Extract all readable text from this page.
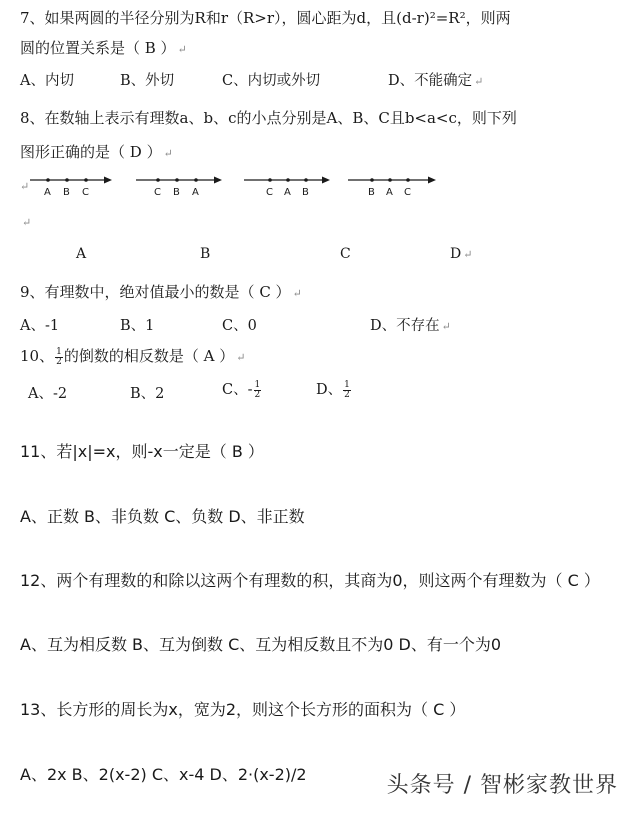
7、如果两圆的半径分别为R和r（R>r），圆心距为d，且(d-r)²=R²，则两
圆的位置关系是（ B ） ↵
A、内切	B、外切	C、内切或外切	D、不能确定 ↵
8、在数轴上表示有理数a、b、c的小点分别是A、B、C且b<a<c，则下列
图形正确的是（ D ） ↵
↵ A B C	C B A	C A B	B A C
↵
A	B	C	D ↵
9、有理数中，绝对值最小的数是（ C ） ↵
A、-1	B、1	C、0	D、不存在 ↵
10、 $\frac{1}{2}$ 的倒数的相反数是（ A ） ↵
A、-2	B、2	C、- $\frac{1}{2}$	D、 $\frac{1}{2}$
11、若|x|=x，则-x一定是（ B ）
A、正数 B、非负数 C、负数 D、非正数
12、两个有理数的和除以这两个有理数的积，其商为0，则这两个有理数为（ C ）
A、互为相反数 B、互为倒数 C、互为相反数且不为0 D、有一个为0
13、长方形的周长为x，宽为2，则这个长方形的面积为（ C ）
A、2x B、2(x-2) C、x-4 D、2·(x-2)/2	头条号 / 智彬家教世界
